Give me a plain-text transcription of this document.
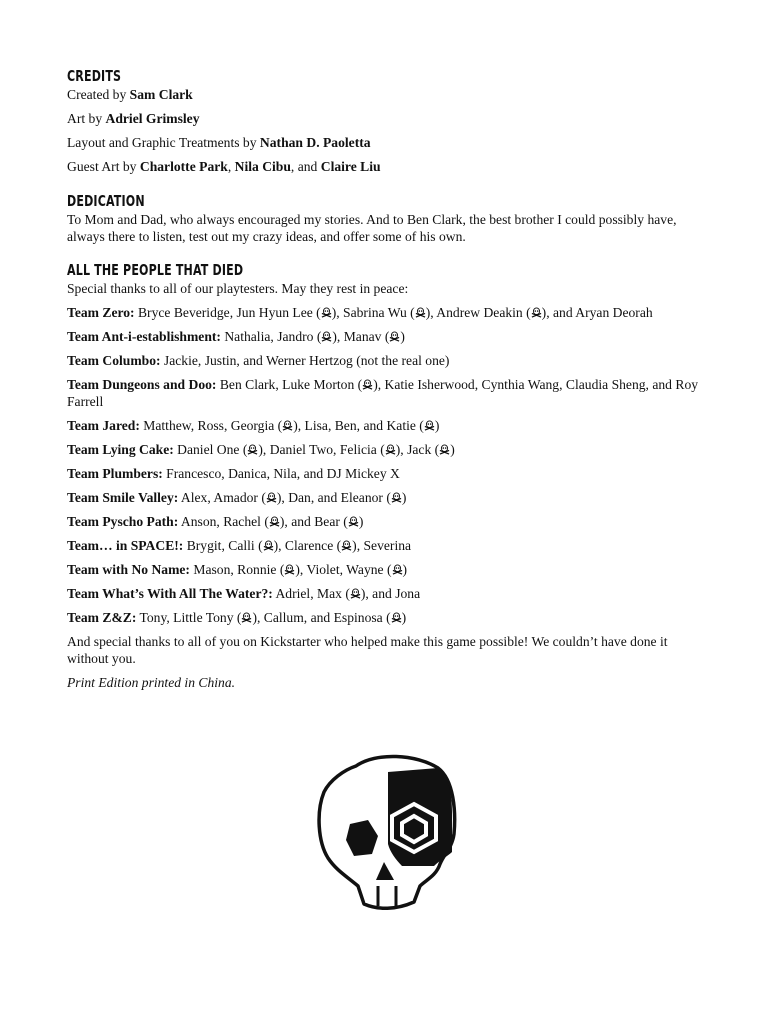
CREDITS

Created by Sam Clark

Art by Adriel Grimsley

Layout and Graphic Treatments by Nathan D. Paoletta

Guest Art by Charlotte Park, Nila Cibu, and Claire Liu

DEDICATION

To Mom and Dad, who always encouraged my stories. And to Ben Clark, the best brother I could possibly have, always there to listen, test out my crazy ideas, and offer some of his own.

ALL THE PEOPLE THAT DIED

Special thanks to all of our playtesters. May they rest in peace:

Team Zero: Bryce Beveridge, Jun Hyun Lee ( ), Sabrina Wu ( ), Andrew Deakin ( ), and Aryan Deorah

Team Ant-i-establishment: Nathalia, Jandro ( ), Manav ( )

Team Columbo: Jackie, Justin, and Werner Hertzog (not the real one)

Team Dungeons and Doo: Ben Clark, Luke Morton ( ), Katie Isherwood, Cynthia Wang, Claudia Sheng, and Roy Farrell

Team Jared: Matthew, Ross, Georgia ( ), Lisa, Ben, and Katie ( )

Team Lying Cake: Daniel One ( ), Daniel Two, Felicia ( ), Jack ( )

Team Plumbers: Francesco, Danica, Nila, and DJ Mickey X

Team Smile Valley: Alex, Amador ( ), Dan, and Eleanor ( )

Team Pyscho Path: Anson, Rachel ( ), and Bear ( )

Team… in SPACE!: Brygit, Calli ( ), Clarence ( ), Severina

Team with No Name: Mason, Ronnie ( ), Violet, Wayne ( )

Team What’s With All The Water?: Adriel, Max ( ), and Jona

Team Z&Z: Tony, Little Tony ( ), Callum, and Espinosa ( )

And special thanks to all of you on Kickstarter who helped make this game possible! We couldn’t have done it without you.

Print Edition printed in China.
